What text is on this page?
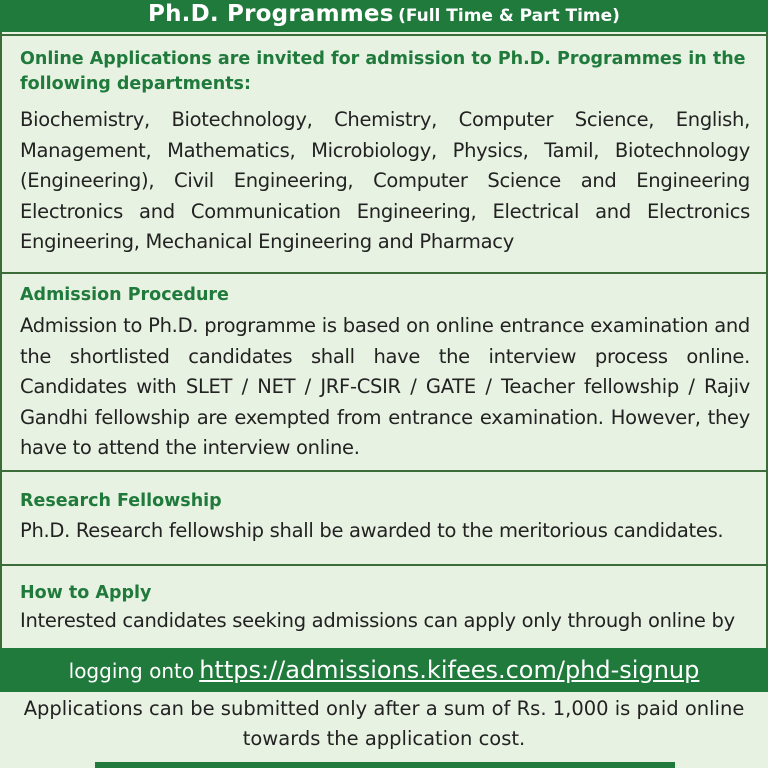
Ph.D. Programmes (Full Time & Part Time)
Online Applications are invited for admission to Ph.D. Programmes in the following departments:
Biochemistry, Biotechnology, Chemistry, Computer Science, English, Management, Mathematics, Microbiology, Physics, Tamil, Biotechnology (Engineering), Civil Engineering, Computer Science and Engineering Electronics and Communication Engineering, Electrical and Electronics Engineering, Mechanical Engineering and Pharmacy
Admission Procedure
Admission to Ph.D. programme is based on online entrance examination and the shortlisted candidates shall have the interview process online. Candidates with SLET / NET / JRF-CSIR / GATE / Teacher fellowship / Rajiv Gandhi fellowship are exempted from entrance examination. However, they have to attend the interview online.
Research Fellowship
Ph.D. Research fellowship shall be awarded to the meritorious candidates.
How to Apply
Interested candidates seeking admissions can apply only through online by
logging onto https://admissions.kifees.com/phd-signup
Applications can be submitted only after a sum of Rs. 1,000 is paid online
towards the application cost.
